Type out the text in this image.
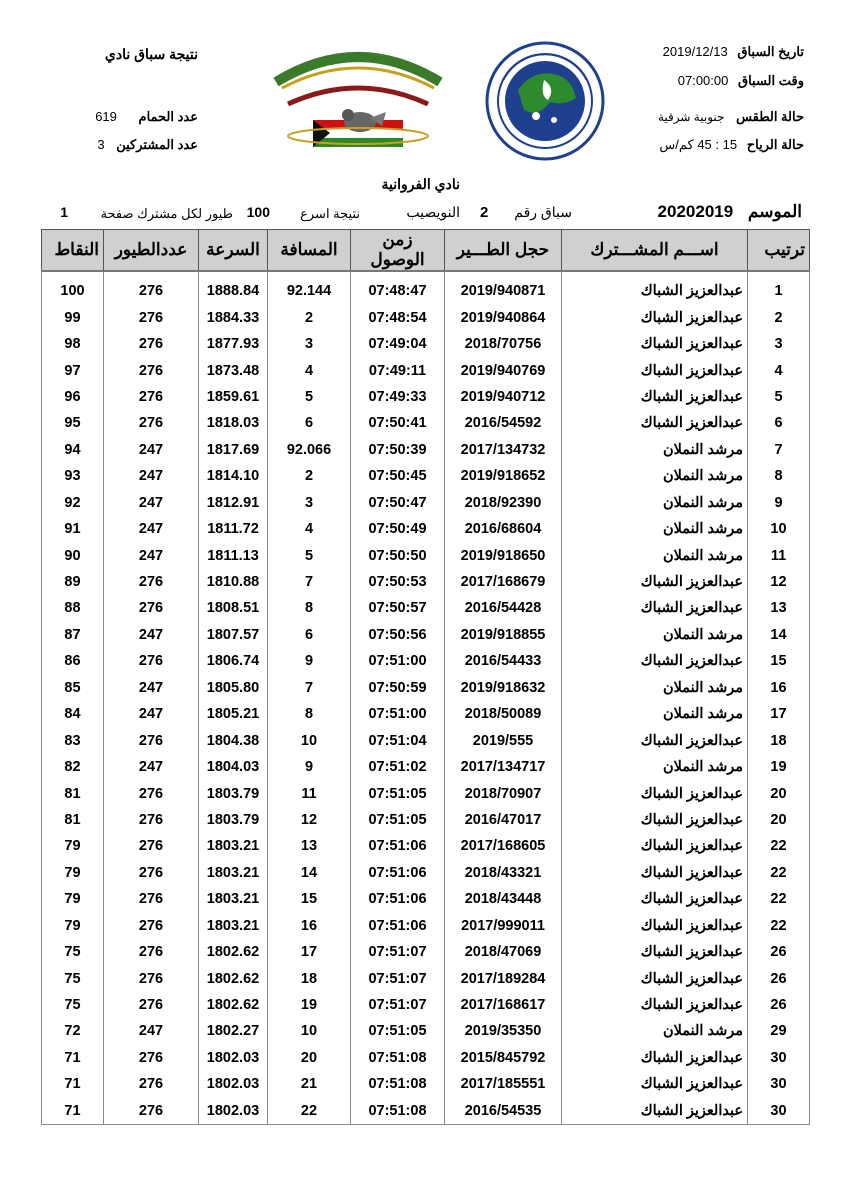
تاريخ السباق 2019/12/13
وقت السباق 07:00:00
حالة الطقس جنوبية شرقية
حالة الرياح 15 : 45 كم/س
نتيجة سباق نادي
عدد الحمام 619
عدد المشتركين 3
نادي الفروانية
الموسم 20202019
سباق رقم 2
النويصيب
نتيجة اسرع
100
طيور لكل مشترك صفحة
1
النقاط	عددالطيور	السرعة	المسافة	زمن الوصول	حجل الطـــير	اســـم المشـــترك	ترتيب
100	276	1888.84	92.144	07:48:47	2019/940871	عبدالعزيز الشباك	1
99	276	1884.33	2	07:48:54	2019/940864	عبدالعزيز الشباك	2
98	276	1877.93	3	07:49:04	2018/70756	عبدالعزيز الشباك	3
97	276	1873.48	4	07:49:11	2019/940769	عبدالعزيز الشباك	4
96	276	1859.61	5	07:49:33	2019/940712	عبدالعزيز الشباك	5
95	276	1818.03	6	07:50:41	2016/54592	عبدالعزيز الشباك	6
94	247	1817.69	92.066	07:50:39	2017/134732	مرشد النملان	7
93	247	1814.10	2	07:50:45	2019/918652	مرشد النملان	8
92	247	1812.91	3	07:50:47	2018/92390	مرشد النملان	9
91	247	1811.72	4	07:50:49	2016/68604	مرشد النملان	10
90	247	1811.13	5	07:50:50	2019/918650	مرشد النملان	11
89	276	1810.88	7	07:50:53	2017/168679	عبدالعزيز الشباك	12
88	276	1808.51	8	07:50:57	2016/54428	عبدالعزيز الشباك	13
87	247	1807.57	6	07:50:56	2019/918855	مرشد النملان	14
86	276	1806.74	9	07:51:00	2016/54433	عبدالعزيز الشباك	15
85	247	1805.80	7	07:50:59	2019/918632	مرشد النملان	16
84	247	1805.21	8	07:51:00	2018/50089	مرشد النملان	17
83	276	1804.38	10	07:51:04	2019/555	عبدالعزيز الشباك	18
82	247	1804.03	9	07:51:02	2017/134717	مرشد النملان	19
81	276	1803.79	11	07:51:05	2018/70907	عبدالعزيز الشباك	20
81	276	1803.79	12	07:51:05	2016/47017	عبدالعزيز الشباك	20
79	276	1803.21	13	07:51:06	2017/168605	عبدالعزيز الشباك	22
79	276	1803.21	14	07:51:06	2018/43321	عبدالعزيز الشباك	22
79	276	1803.21	15	07:51:06	2018/43448	عبدالعزيز الشباك	22
79	276	1803.21	16	07:51:06	2017/999011	عبدالعزيز الشباك	22
75	276	1802.62	17	07:51:07	2018/47069	عبدالعزيز الشباك	26
75	276	1802.62	18	07:51:07	2017/189284	عبدالعزيز الشباك	26
75	276	1802.62	19	07:51:07	2017/168617	عبدالعزيز الشباك	26
72	247	1802.27	10	07:51:05	2019/35350	مرشد النملان	29
71	276	1802.03	20	07:51:08	2015/845792	عبدالعزيز الشباك	30
71	276	1802.03	21	07:51:08	2017/185551	عبدالعزيز الشباك	30
71	276	1802.03	22	07:51:08	2016/54535	عبدالعزيز الشباك	30
